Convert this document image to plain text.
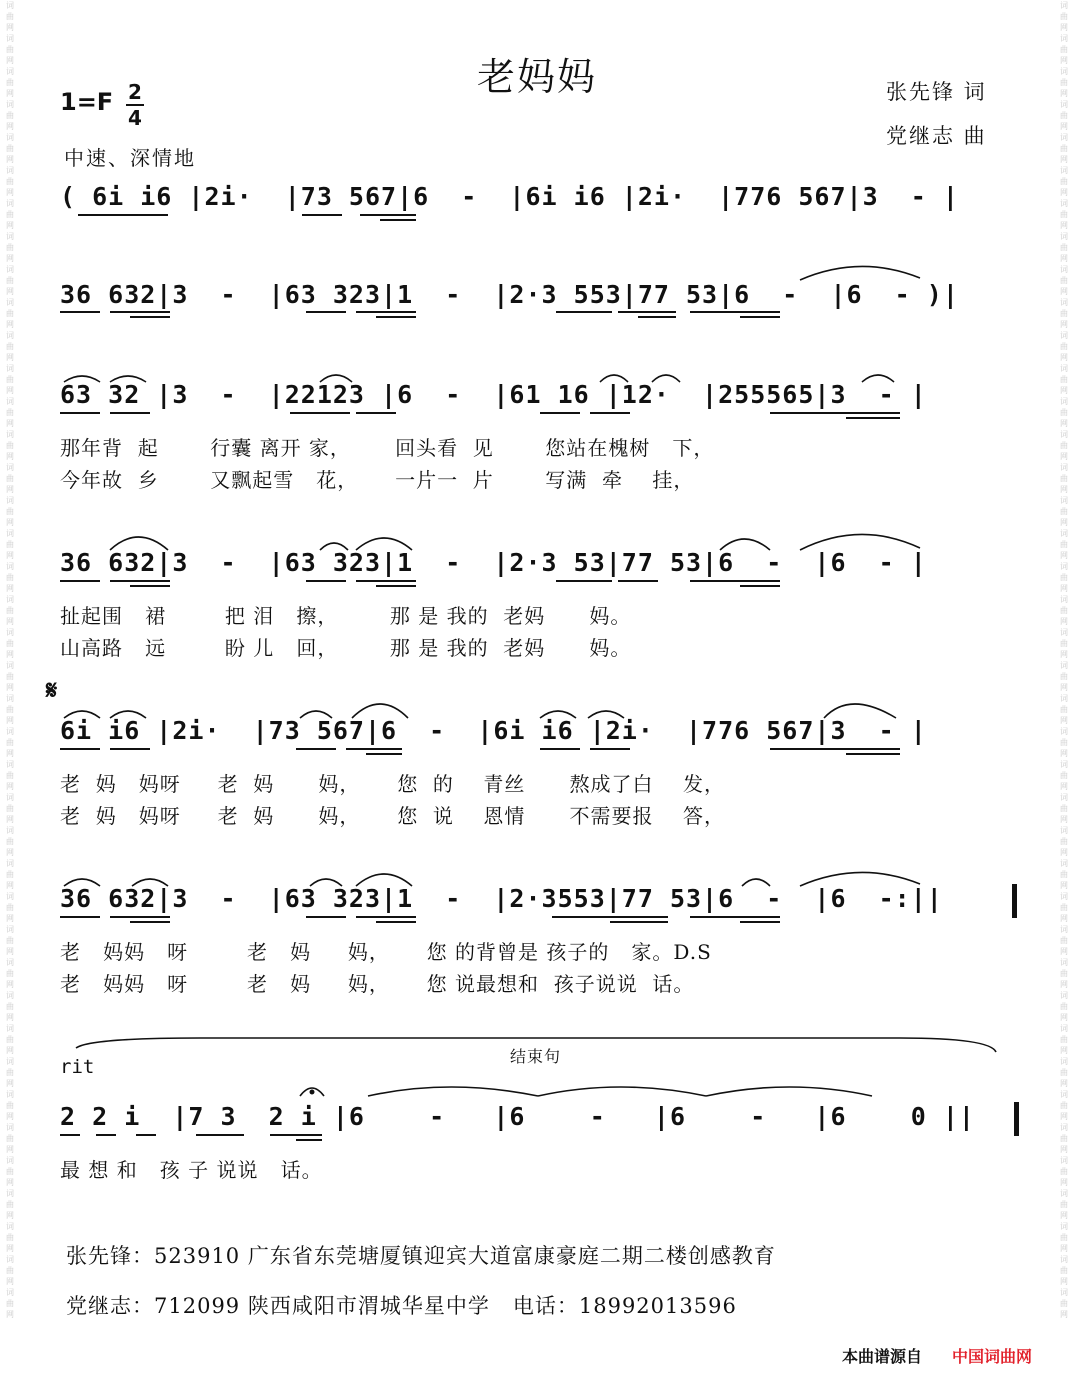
词曲网词曲网词曲网词曲网词曲网词曲网词曲网词曲网词曲网词曲网词曲网词曲网词曲网词曲网词曲网词曲网词曲网词曲网词曲网词曲网词曲网词曲网词曲网词曲网词曲网词曲网词曲网词曲网词曲网词曲网词曲网词曲网词曲网词曲网词曲网词曲网词曲网词曲网词曲网词曲网
词曲网词曲网词曲网词曲网词曲网词曲网词曲网词曲网词曲网词曲网词曲网词曲网词曲网词曲网词曲网词曲网词曲网词曲网词曲网词曲网词曲网词曲网词曲网词曲网词曲网词曲网词曲网词曲网词曲网词曲网词曲网词曲网词曲网词曲网词曲网词曲网词曲网词曲网词曲网词曲网
老妈妈	张先锋 词
党继志 曲
1=F 2
4
中速、深情地
( 6i i6 |2i·  |73 567|6  -  |6i i6 |2i·  |776 567|3  - |
36 632|3  -  |63 323|1  -  |2·3 553|77 53|6  -  |6  - )|
63 32 |3  -  |22123 |6  -  |61 16 |12·  |255565|3  - |
那年背  起       行囊 离开 家，      回头看  见       您站在槐树   下，
今年故  乡       又飘起雪   花，     一片一  片       写满  牵    挂，
36 632|3  -  |63 323|1  -  |2·3 53|77 53|6  -  |6  - |
扯起围   裙        把 泪   擦，       那 是 我的  老妈      妈。
山高路   远        盼 儿   回，       那 是 我的  老妈      妈。
𝄋
6i i6 |2i·  |73 567|6  -  |6i i6 |2i·  |776 567|3  - |
老  妈   妈呀     老  妈      妈，     您  的    青丝      熬成了白    发，
老  妈   妈呀     老  妈      妈，     您  说    恩情      不需要报    答，
36 632|3  -  |63 323|1  -  |2·3553|77 53|6  -  |6  -:||
老   妈妈   呀        老   妈     妈，     您 的背曾是 孩子的   家。D.S
老   妈妈   呀        老   妈     妈，     您 说最想和  孩子说说  话。
rit	结束句
2 2 i  |7 3  2 i |6    -   |6    -   |6    -   |6    0 ||
最 想 和   孩 子 说说   话。
张先锋：523910 广东省东莞塘厦镇迎宾大道富康豪庭二期二楼创感教育
党继志：712099 陕西咸阳市渭城华星中学   电话：18992013596
本曲谱源自 中国词曲网
